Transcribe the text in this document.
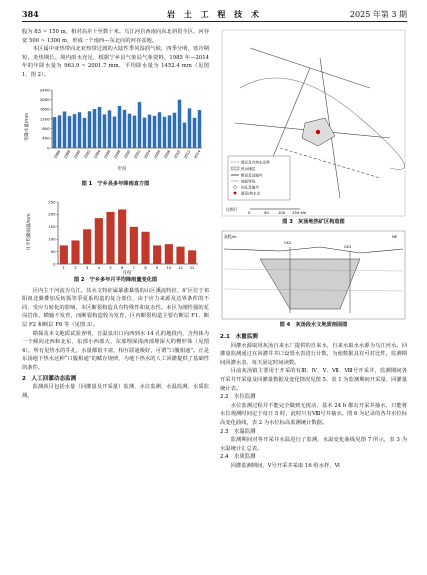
384	岩 土 工 程 技 术	2025 年第 3 期

股为 83 ~ 150 m，相对高差十至数十米。乌江河自西南向东北斜贯全区，河谷宽 500 ~ 1300 m，形成一个南西—东北向的河谷盆地。

本区属中亚热带向北亚热带过渡的大陆性季风湿润气候，四季分明，寒冷期短，炎热期长。境内雨水充足，根据宁乡县气象局气象资料，1985 年—2014 年的年降水量为 963.9 ~ 2001.7 mm，平均降水量为 1452.4 mm（见图 1、图 2）。

年降水量/mm
年份
0
400
800
1200
1600
2000
2400
1986 1988 1990 1992 1994 1996 1998 2000 2002 2004 2006 2008 2010 2012 2014
图 1　宁乡县多年降雨直方图
月平均降雨量/mm
月份
0
50
100
150
200
250
1	2	3	4	5	6	7	8	9 10 11 12
图 2　宁乡多年月平均降雨量变化图

区内主干河流为乌江，其水文特征属暴涨暴落的山区溪流特征，矿区位于祁阳祖北翼叠加反转狐等爭夏系构造的复合部位，由于应力来源及边界条件的不同，受应力转化的影响，本区断裂构造具有特殊性和复杂性。本区为刚性强的花岗岩体，横轴不发育，而断裂构造较为发育，区内断裂构造主要有断层 F1、断层 F2 和断层 F6 等（见图 3）。

勘探及本文地质试验查明，自温泉出口向西到水 14 孔的地段内，含热体为一个倾向北西和北东、东部小西部大、东部埋深浅西部埋深大的楔形体（见图 4）。所有见热水的井孔，水量都很丰富，相互联通极好，可谓“口腹相通”。正是东汤地下热水这种“口腹相通”的赋存规律，为地下热水的人工回灌提供了基础性的条件。

2　人工回灌动态监测

监测项目包括水量（回灌量及开采量）监测、水位监测、水温监测、水质监测。

缓区及冷热水边界
热水储层
断层及其编号
地质界线
钻孔及编号
温泉/热水点
比例尺
0	50 100 150 km
图 3　灰汤地热矿区构造图
高程/m	NE
CK2
CK3
图 4　灰汤段水文地质剖面图
2.1　水量监测

回灌水源取用灰汤自来水厂提供的自来水，自来水取水水源为乌江河水。回灌量监测通过在回灌井井口设置水表进行计数，为使数据具有可对比性，监测期间回灌水表、每天固定时间读数。

目前灰汤镇主要用于开采的有Ⅲ、Ⅳ、Ⅴ、Ⅶ、Ⅷ号开采井，监测期间各开采井开采量及回灌量数据及变化情况见图 5、表 1 为监测期间开采量、回灌量统计表。

2.2　水位监测

水位监测过程并不能完全做到无扰动，基本 24 h 都有开采井抽水，只能将水位观测时间定于每日 5 时，此时只有Ⅷ号井抽水。图 6 为记录的各井水位标高变化曲线，表 2 为水位标高监测统计数据。

2.3　水温监测

监测期间对各开采井水温进行了监测，水温变化曲线见图 7 所示，表 3 为水温统计汇总表。

2.4　水质监测

回灌监测期间，Ⅴ号开采井采取 16 组水样，Ⅵ
